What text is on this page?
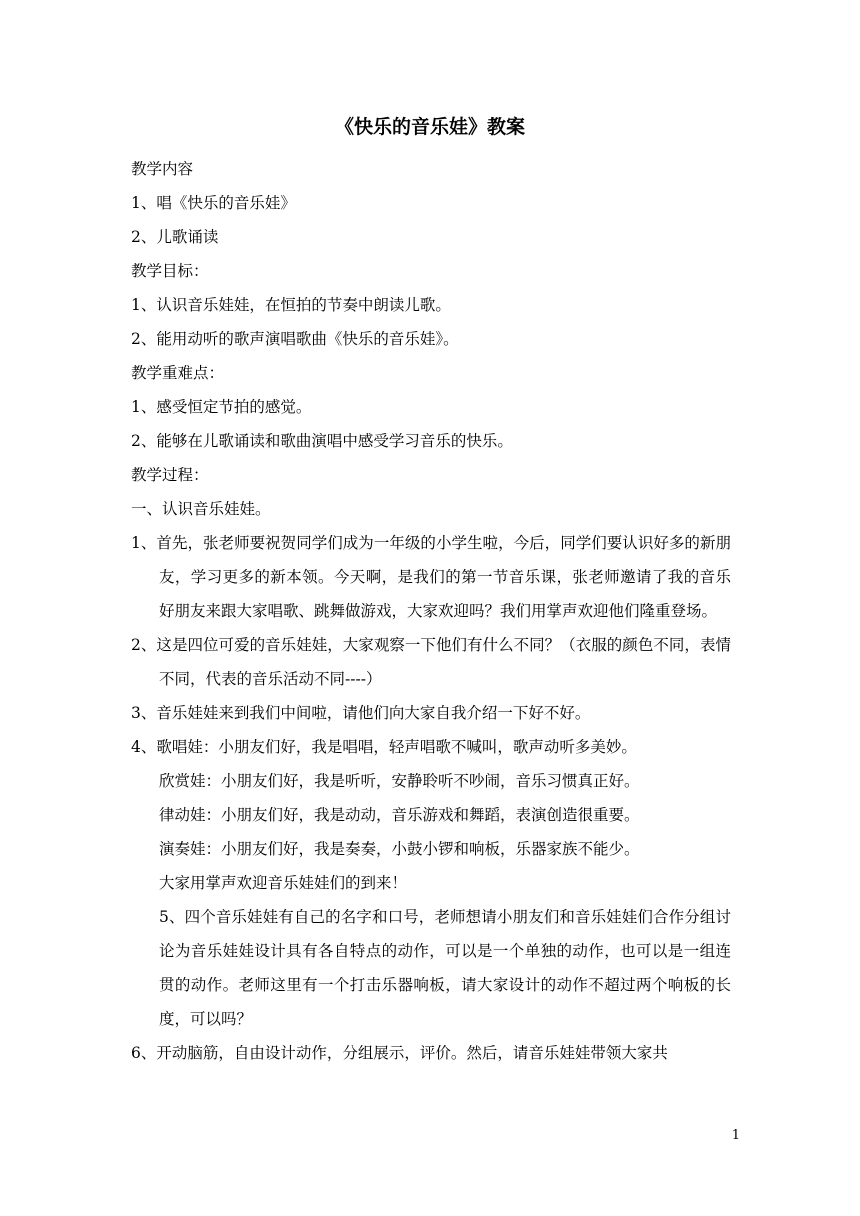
《快乐的音乐娃》教案
教学内容
1、唱《快乐的音乐娃》
2、儿歌诵读
教学目标：
1、认识音乐娃娃，在恒拍的节奏中朗读儿歌。
2、能用动听的歌声演唱歌曲《快乐的音乐娃》。
教学重难点：
1、感受恒定节拍的感觉。
2、能够在儿歌诵读和歌曲演唱中感受学习音乐的快乐。
教学过程：
一、认识音乐娃娃。
1、首先，张老师要祝贺同学们成为一年级的小学生啦，今后，同学们要认识好多的新朋友，学习更多的新本领。今天啊，是我们的第一节音乐课，张老师邀请了我的音乐好朋友来跟大家唱歌、跳舞做游戏，大家欢迎吗？我们用掌声欢迎他们隆重登场。
2、这是四位可爱的音乐娃娃，大家观察一下他们有什么不同？（衣服的颜色不同，表情不同，代表的音乐活动不同----）
3、音乐娃娃来到我们中间啦，请他们向大家自我介绍一下好不好。
4、歌唱娃：小朋友们好，我是唱唱，轻声唱歌不喊叫，歌声动听多美妙。
欣赏娃：小朋友们好，我是听听，安静聆听不吵闹，音乐习惯真正好。
律动娃：小朋友们好，我是动动，音乐游戏和舞蹈，表演创造很重要。
演奏娃：小朋友们好，我是奏奏，小鼓小锣和响板，乐器家族不能少。
大家用掌声欢迎音乐娃娃们的到来！
5、四个音乐娃娃有自己的名字和口号，老师想请小朋友们和音乐娃娃们合作分组讨论为音乐娃娃设计具有各自特点的动作，可以是一个单独的动作，也可以是一组连贯的动作。老师这里有一个打击乐器响板，请大家设计的动作不超过两个响板的长度，可以吗？
6、开动脑筋，自由设计动作，分组展示，评价。然后，请音乐娃娃带领大家共
1
